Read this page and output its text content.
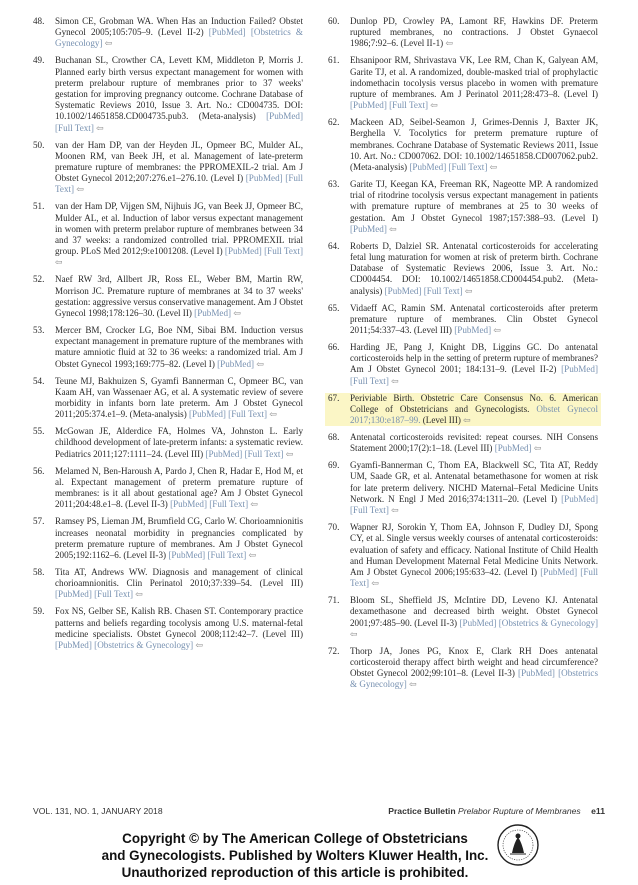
48.	Simon CE, Grobman WA. When Has an Induction Failed? Obstet Gynecol 2005;105:705–9. (Level II-2) [PubMed] [Obstetrics & Gynecology] ⇦
49.	Buchanan SL, Crowther CA, Levett KM, Middleton P, Morris J. Planned early birth versus expectant management for women with preterm prelabour rupture of membranes prior to 37 weeks' gestation for improving pregnancy outcome. Cochrane Database of Systematic Reviews 2010, Issue 3. Art. No.: CD004735. DOI: 10.1002/14651858.CD004735.pub3. (Meta-analysis) [PubMed] [Full Text] ⇦
50.	van der Ham DP, van der Heyden JL, Opmeer BC, Mulder AL, Moonen RM, van Beek JH, et al. Management of late-preterm premature rupture of membranes: the PPROMEXIL-2 trial. Am J Obstet Gynecol 2012;207:276.e1–276.10. (Level I) [PubMed] [Full Text] ⇦
51.	van der Ham DP, Vijgen SM, Nijhuis JG, van Beek JJ, Opmeer BC, Mulder AL, et al. Induction of labor versus expectant management in women with preterm prelabor rupture of membranes between 34 and 37 weeks: a randomized controlled trial. PPROMEXIL trial group. PLoS Med 2012;9:e1001208. (Level I) [PubMed] [Full Text] ⇦
52.	Naef RW 3rd, Allbert JR, Ross EL, Weber BM, Martin RW, Morrison JC. Premature rupture of membranes at 34 to 37 weeks' gestation: aggressive versus conservative management. Am J Obstet Gynecol 1998;178:126–30. (Level II) [PubMed] ⇦
53.	Mercer BM, Crocker LG, Boe NM, Sibai BM. Induction versus expectant management in premature rupture of the membranes with mature amniotic fluid at 32 to 36 weeks: a randomized trial. Am J Obstet Gynecol 1993;169:775–82. (Level I) [PubMed] ⇦
54.	Teune MJ, Bakhuizen S, Gyamfi Bannerman C, Opmeer BC, van Kaam AH, van Wassenaer AG, et al. A systematic review of severe morbidity in infants born late preterm. Am J Obstet Gynecol 2011;205:374.e1–9. (Meta-analysis) [PubMed] [Full Text] ⇦
55.	McGowan JE, Alderdice FA, Holmes VA, Johnston L. Early childhood development of late-preterm infants: a systematic review. Pediatrics 2011;127:1111–24. (Level III) [PubMed] [Full Text] ⇦
56.	Melamed N, Ben-Haroush A, Pardo J, Chen R, Hadar E, Hod M, et al. Expectant management of preterm premature rupture of membranes: is it all about gestational age? Am J Obstet Gynecol 2011;204:48.e1–8. (Level II-3) [PubMed] [Full Text] ⇦
57.	Ramsey PS, Lieman JM, Brumfield CG, Carlo W. Chorioamnionitis increases neonatal morbidity in pregnancies complicated by preterm premature rupture of membranes. Am J Obstet Gynecol 2005;192:1162–6. (Level II-3) [PubMed] [Full Text] ⇦
58.	Tita AT, Andrews WW. Diagnosis and management of clinical chorioamnionitis. Clin Perinatol 2010;37:339–54. (Level III) [PubMed] [Full Text] ⇦
59.	Fox NS, Gelber SE, Kalish RB. Chasen ST. Contemporary practice patterns and beliefs regarding tocolysis among U.S. maternal-fetal medicine specialists. Obstet Gynecol 2008;112:42–7. (Level III) [PubMed] [Obstetrics & Gynecology] ⇦
60.	Dunlop PD, Crowley PA, Lamont RF, Hawkins DF. Preterm ruptured membranes, no contractions. J Obstet Gynaecol 1986;7:92–6. (Level II-1) ⇦
61.	Ehsanipoor RM, Shrivastava VK, Lee RM, Chan K, Galyean AM, Garite TJ, et al. A randomized, double-masked trial of prophylactic indomethacin tocolysis versus placebo in women with premature rupture of membranes. Am J Perinatol 2011;28:473–8. (Level I) [PubMed] [Full Text] ⇦
62.	Mackeen AD, Seibel-Seamon J, Grimes-Dennis J, Baxter JK, Berghella V. Tocolytics for preterm premature rupture of membranes. Cochrane Database of Systematic Reviews 2011, Issue 10. Art. No.: CD007062. DOI: 10.1002/14651858.CD007062.pub2. (Meta-analysis) [PubMed] [Full Text] ⇦
63.	Garite TJ, Keegan KA, Freeman RK, Nageotte MP. A randomized trial of ritodrine tocolysis versus expectant management in patients with premature rupture of membranes at 25 to 30 weeks of gestation. Am J Obstet Gynecol 1987;157:388–93. (Level I) [PubMed] ⇦
64.	Roberts D, Dalziel SR. Antenatal corticosteroids for accelerating fetal lung maturation for women at risk of preterm birth. Cochrane Database of Systematic Reviews 2006, Issue 3. Art. No.: CD004454. DOI: 10.1002/14651858.CD004454.pub2. (Meta-analysis) [PubMed] [Full Text] ⇦
65.	Vidaeff AC, Ramin SM. Antenatal corticosteroids after preterm premature rupture of membranes. Clin Obstet Gynecol 2011;54:337–43. (Level III) [PubMed] ⇦
66.	Harding JE, Pang J, Knight DB, Liggins GC. Do antenatal corticosteroids help in the setting of preterm rupture of membranes? Am J Obstet Gynecol 2001; 184:131–9. (Level II-2) [PubMed] [Full Text] ⇦
67.	Periviable Birth. Obstetric Care Consensus No. 6. American College of Obstetricians and Gynecologists. Obstet Gynecol 2017;130:e187–99. (Level III) ⇦
68.	Antenatal corticosteroids revisited: repeat courses. NIH Consens Statement 2000;17(2):1–18. (Level III) [PubMed] ⇦
69.	Gyamfi-Bannerman C, Thom EA, Blackwell SC, Tita AT, Reddy UM, Saade GR, et al. Antenatal betamethasone for women at risk for late preterm delivery. NICHD Maternal–Fetal Medicine Units Network. N Engl J Med 2016;374:1311–20. (Level I) [PubMed] [Full Text] ⇦
70.	Wapner RJ, Sorokin Y, Thom EA, Johnson F, Dudley DJ, Spong CY, et al. Single versus weekly courses of antenatal corticosteroids: evaluation of safety and efficacy. National Institute of Child Health and Human Development Maternal Fetal Medicine Units Network. Am J Obstet Gynecol 2006;195:633–42. (Level I) [PubMed] [Full Text] ⇦
71.	Bloom SL, Sheffield JS, McIntire DD, Leveno KJ. Antenatal dexamethasone and decreased birth weight. Obstet Gynecol 2001;97:485–90. (Level II-3) [PubMed] [Obstetrics & Gynecology] ⇦
72.	Thorp JA, Jones PG, Knox E, Clark RH Does antenatal corticosteroid therapy affect birth weight and head circumference? Obstet Gynecol 2002;99:101–8. (Level II-3) [PubMed] [Obstetrics & Gynecology] ⇦
VOL. 131, NO. 1, JANUARY 2018	Practice Bulletin Prelabor Rupture of Membranes e11
Copyright © by The American College of Obstetricians
and Gynecologists. Published by Wolters Kluwer Health, Inc.
Unauthorized reproduction of this article is prohibited.
